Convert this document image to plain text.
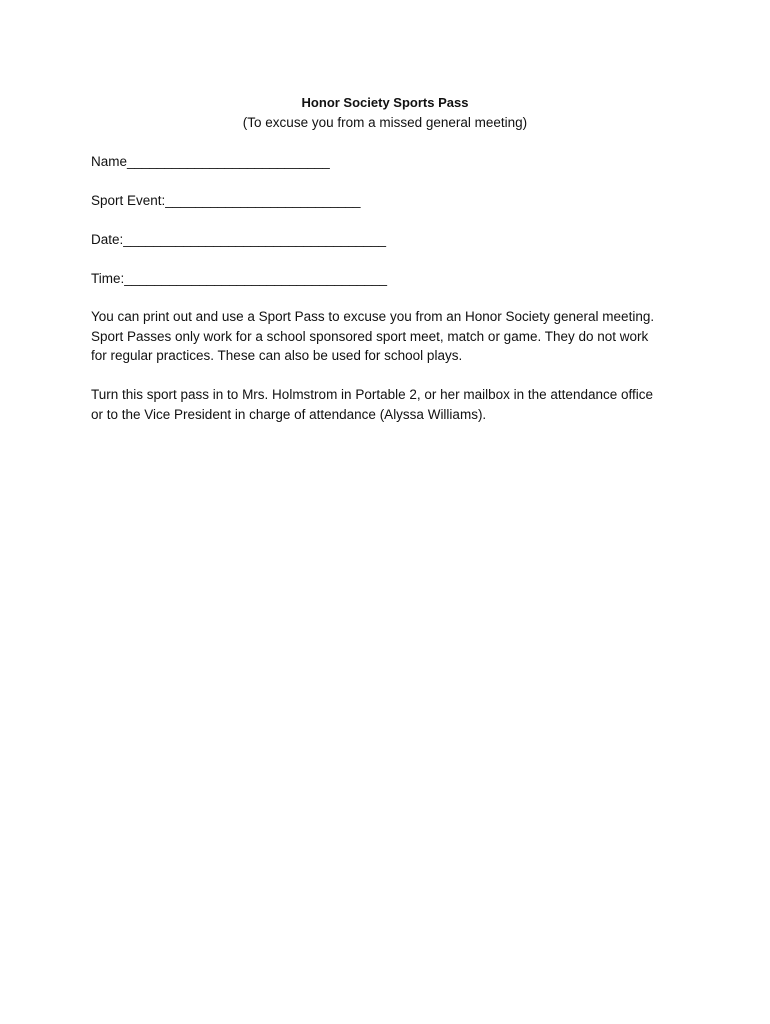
Honor Society Sports Pass
(To excuse you from a missed general meeting)
Name___________________________
Sport Event:__________________________
Date:___________________________________
Time:___________________________________
You can print out and use a Sport Pass to excuse you from an Honor Society general meeting.
Sport Passes only work for a school sponsored sport meet, match or game. They do not work
for regular practices. These can also be used for school plays.
Turn this sport pass in to Mrs. Holmstrom in Portable 2, or her mailbox in the attendance office
or to the Vice President in charge of attendance (Alyssa Williams).
